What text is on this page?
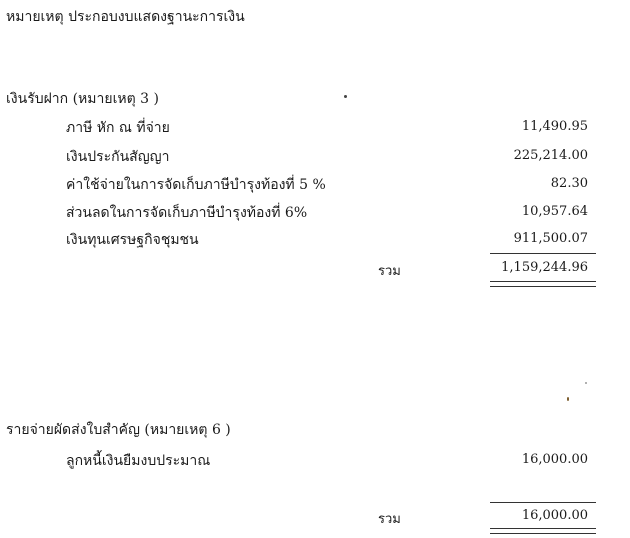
หมายเหตุ ประกอบงบแสดงฐานะการเงิน
เงินรับฝาก (หมายเหตุ 3 )
ภาษี หัก ณ ที่จ่าย	11,490.95
เงินประกันสัญญา	225,214.00
ค่าใช้จ่ายในการจัดเก็บภาษีบำรุงท้องที่ 5 %	82.30
ส่วนลดในการจัดเก็บภาษีบำรุงท้องที่ 6%	10,957.64
เงินทุนเศรษฐกิจชุมชน	911,500.07
รวม	1,159,244.96
รายจ่ายผัดส่งใบสำคัญ (หมายเหตุ 6 )
ลูกหนี้เงินยืมงบประมาณ	16,000.00
รวม	16,000.00
